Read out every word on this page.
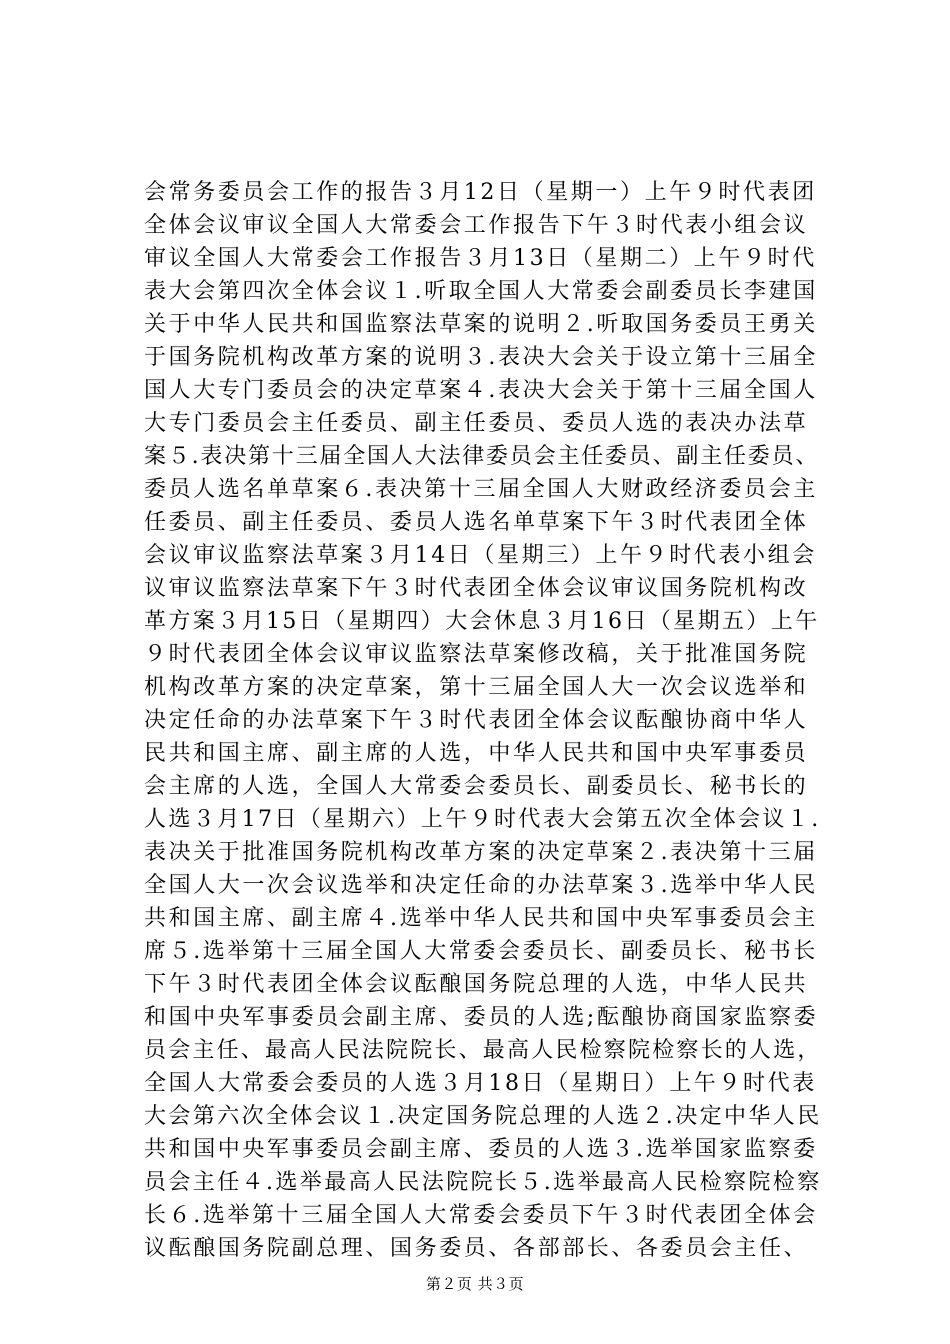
会常务委员会工作的报告３月12日（星期一）上午９时代表团
全体会议审议全国人大常委会工作报告下午３时代表小组会议
审议全国人大常委会工作报告３月13日（星期二）上午９时代
表大会第四次全体会议１.听取全国人大常委会副委员长李建国
关于中华人民共和国监察法草案的说明２.听取国务委员王勇关
于国务院机构改革方案的说明３.表决大会关于设立第十三届全
国人大专门委员会的决定草案４.表决大会关于第十三届全国人
大专门委员会主任委员、副主任委员、委员人选的表决办法草
案５.表决第十三届全国人大法律委员会主任委员、副主任委员、
委员人选名单草案６.表决第十三届全国人大财政经济委员会主
任委员、副主任委员、委员人选名单草案下午３时代表团全体
会议审议监察法草案３月14日（星期三）上午９时代表小组会
议审议监察法草案下午３时代表团全体会议审议国务院机构改
革方案３月15日（星期四）大会休息３月16日（星期五）上午
９时代表团全体会议审议监察法草案修改稿，关于批准国务院
机构改革方案的决定草案，第十三届全国人大一次会议选举和
决定任命的办法草案下午３时代表团全体会议酝酿协商中华人
民共和国主席、副主席的人选，中华人民共和国中央军事委员
会主席的人选，全国人大常委会委员长、副委员长、秘书长的
人选３月17日（星期六）上午９时代表大会第五次全体会议１.
表决关于批准国务院机构改革方案的决定草案２.表决第十三届
全国人大一次会议选举和决定任命的办法草案３.选举中华人民
共和国主席、副主席４.选举中华人民共和国中央军事委员会主
席５.选举第十三届全国人大常委会委员长、副委员长、秘书长
下午３时代表团全体会议酝酿国务院总理的人选，中华人民共
和国中央军事委员会副主席、委员的人选;酝酿协商国家监察委
员会主任、最高人民法院院长、最高人民检察院检察长的人选，
全国人大常委会委员的人选３月18日（星期日）上午９时代表
大会第六次全体会议１.决定国务院总理的人选２.决定中华人民
共和国中央军事委员会副主席、委员的人选３.选举国家监察委
员会主任４.选举最高人民法院院长５.选举最高人民检察院检察
长６.选举第十三届全国人大常委会委员下午３时代表团全体会
议酝酿国务院副总理、国务委员、各部部长、各委员会主任、
第２页 共３页
